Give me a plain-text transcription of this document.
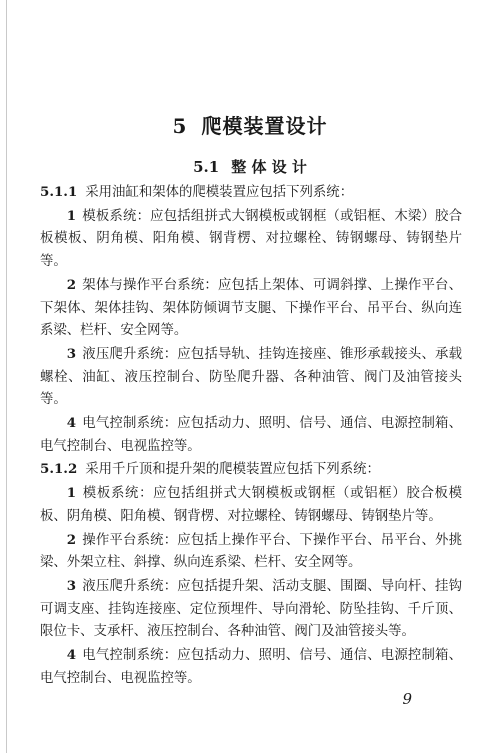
5 爬模装置设计
5.1 整 体 设 计

5.1.1 采用油缸和架体的爬模装置应包括下列系统：

1 模板系统：应包括组拼式大钢模板或钢框（或铝框、木梁）胶合板模板、阴角模、阳角模、钢背楞、对拉螺栓、铸钢螺母、铸钢垫片等。

2 架体与操作平台系统：应包括上架体、可调斜撑、上操作平台、下架体、架体挂钩、架体防倾调节支腿、下操作平台、吊平台、纵向连系梁、栏杆、安全网等。

3 液压爬升系统：应包括导轨、挂钩连接座、锥形承载接头、承载螺栓、油缸、液压控制台、防坠爬升器、各种油管、阀门及油管接头等。

4 电气控制系统：应包括动力、照明、信号、通信、电源控制箱、电气控制台、电视监控等。

5.1.2 采用千斤顶和提升架的爬模装置应包括下列系统：

1 模板系统：应包括组拼式大钢模板或钢框（或铝框）胶合板模板、阴角模、阳角模、钢背楞、对拉螺栓、铸钢螺母、铸钢垫片等。

2 操作平台系统：应包括上操作平台、下操作平台、吊平台、外挑梁、外架立柱、斜撑、纵向连系梁、栏杆、安全网等。

3 液压爬升系统：应包括提升架、活动支腿、围圈、导向杆、挂钩可调支座、挂钩连接座、定位预埋件、导向滑轮、防坠挂钩、千斤顶、限位卡、支承杆、液压控制台、各种油管、阀门及油管接头等。

4 电气控制系统：应包括动力、照明、信号、通信、电源控制箱、电气控制台、电视监控等。

9
